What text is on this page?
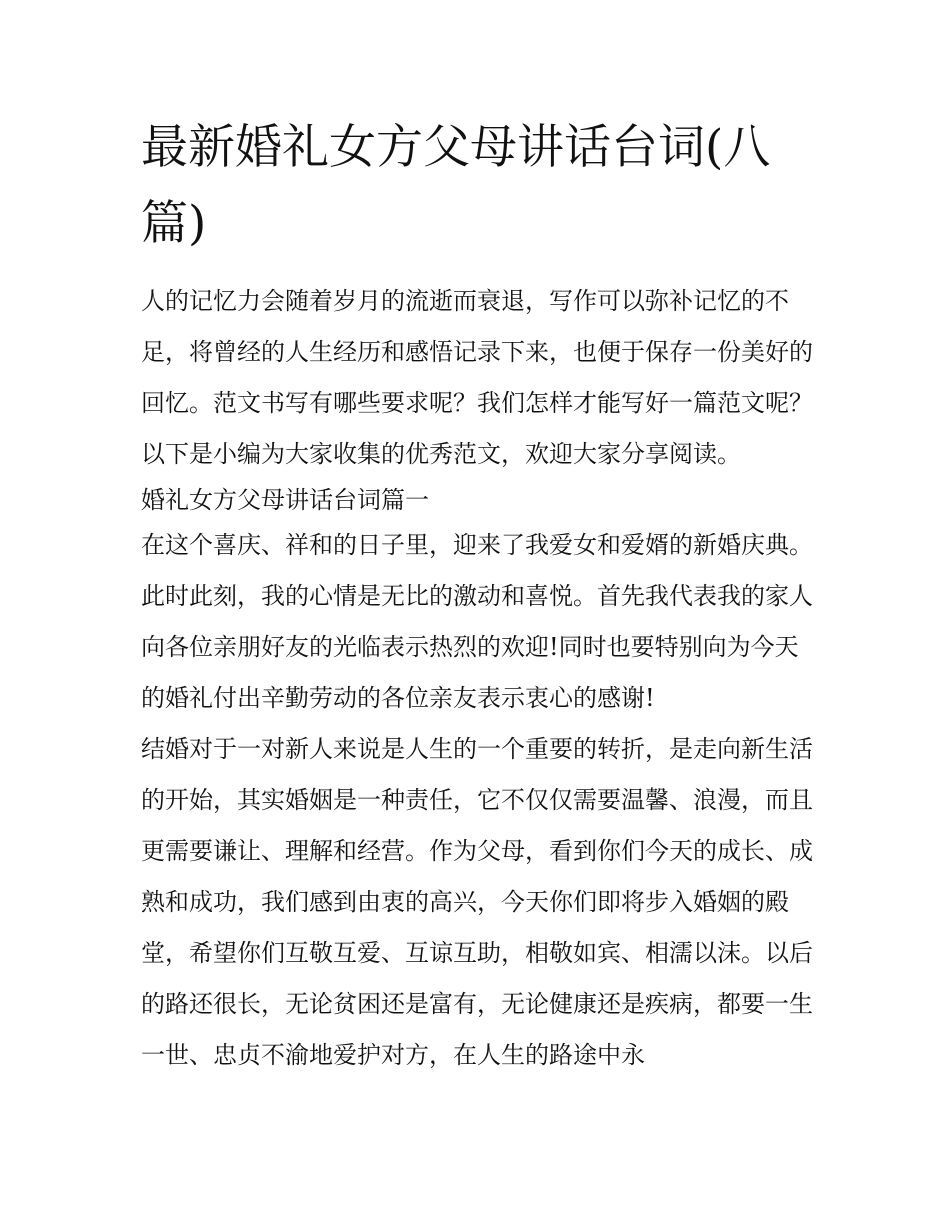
最新婚礼女方父母讲话台词(八篇)

人的记忆力会随着岁月的流逝而衰退，写作可以弥补记忆的不足，将曾经的人生经历和感悟记录下来，也便于保存一份美好的回忆。范文书写有哪些要求呢？我们怎样才能写好一篇范文呢？以下是小编为大家收集的优秀范文，欢迎大家分享阅读。

婚礼女方父母讲话台词篇一

在这个喜庆、祥和的日子里，迎来了我爱女和爱婿的新婚庆典。此时此刻，我的心情是无比的激动和喜悦。首先我代表我的家人向各位亲朋好友的光临表示热烈的欢迎!同时也要特别向为今天的婚礼付出辛勤劳动的各位亲友表示衷心的感谢!

结婚对于一对新人来说是人生的一个重要的转折，是走向新生活的开始，其实婚姻是一种责任，它不仅仅需要温馨、浪漫，而且更需要谦让、理解和经营。作为父母，看到你们今天的成长、成熟和成功，我们感到由衷的高兴，今天你们即将步入婚姻的殿堂，希望你们互敬互爱、互谅互助，相敬如宾、相濡以沫。以后的路还很长，无论贫困还是富有，无论健康还是疾病，都要一生一世、忠贞不渝地爱护对方，在人生的路途中永
